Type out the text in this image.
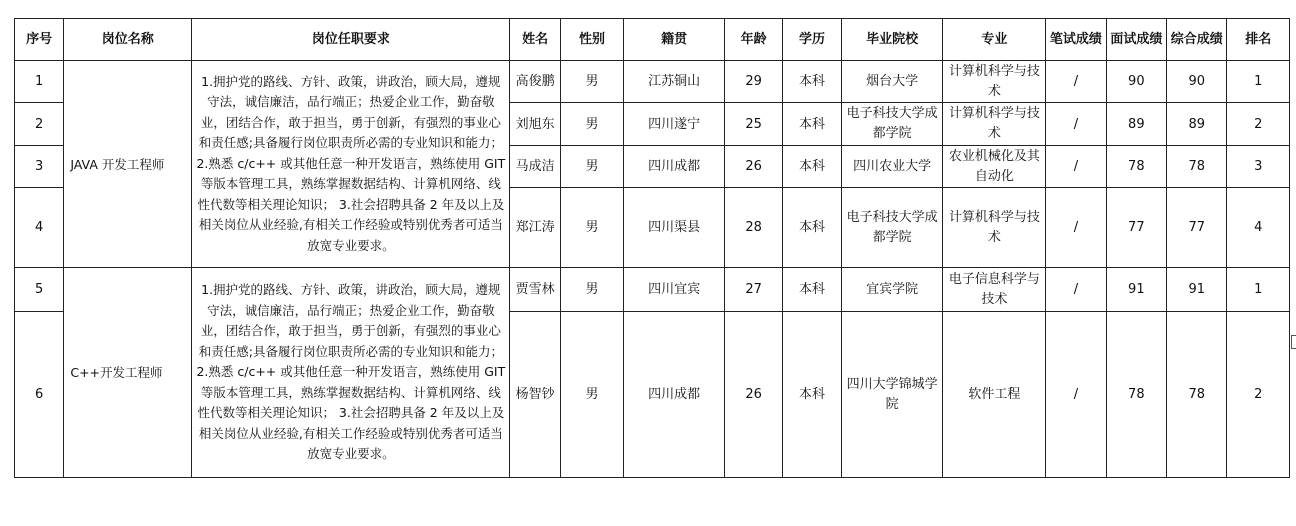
序号	岗位名称	岗位任职要求	姓名	性别	籍贯	年龄	学历	毕业院校	专业	笔试成绩	面试成绩	综合成绩	排名
1	JAVA 开发工程师	1.拥护党的路线、方针、政策，讲政治，顾大局，遵规守法，诚信廉洁，品行端正；热爱企业工作，勤奋敬业，团结合作，敢于担当，勇于创新，有强烈的事业心和责任感;具备履行岗位职责所必需的专业知识和能力； 2.熟悉 c/c++ 或其他任意一种开发语言，熟练使用 GIT 等版本管理工具，熟练掌握数据结构、计算机网络、线性代数等相关理论知识； 3.社会招聘具备 2 年及以上及相关岗位从业经验,有相关工作经验或特别优秀者可适当放宽专业要求。	高俊鹏	男	江苏铜山	29	本科	烟台大学	计算机科学与技术	/	90	90	1
2			刘旭东	男	四川遂宁	25	本科	电子科技大学成都学院	计算机科学与技术	/	89	89	2
3			马成洁	男	四川成都	26	本科	四川农业大学	农业机械化及其自动化	/	78	78	3
4			郑江涛	男	四川渠县	28	本科	电子科技大学成都学院	计算机科学与技术	/	77	77	4
5	C++开发工程师	1.拥护党的路线、方针、政策，讲政治，顾大局，遵规守法，诚信廉洁，品行端正；热爱企业工作，勤奋敬业，团结合作，敢于担当，勇于创新，有强烈的事业心和责任感;具备履行岗位职责所必需的专业知识和能力； 2.熟悉 c/c++ 或其他任意一种开发语言，熟练使用 GIT 等版本管理工具，熟练掌握数据结构、计算机网络、线性代数等相关理论知识； 3.社会招聘具备 2 年及以上及相关岗位从业经验,有相关工作经验或特别优秀者可适当放宽专业要求。	贾雪林	男	四川宜宾	27	本科	宜宾学院	电子信息科学与技术	/	91	91	1
6			杨智钞	男	四川成都	26	本科	四川大学锦城学院	软件工程	/	78	78	2
